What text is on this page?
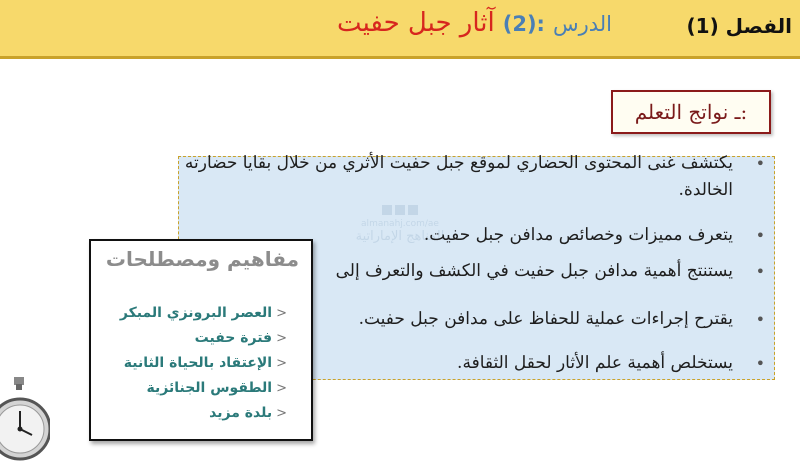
الفصل (1)
الدرس
(2):
آثار جبل حفيت
ـ نواتج التعلم:
almanahj.com/ae
المناهج الإماراتية
•
يكتشف غنى المحتوى الحضاري لموقع جبل حفيت الأثري من خلال بقايا حضارته الخالدة.
•
يتعرف مميزات وخصائص مدافن جبل حفيت.
•
يستنتج أهمية مدافن جبل حفيت في الكشف والتعرف إلى
•
يقترح إجراءات عملية للحفاظ على مدافن جبل حفيت.
•
يستخلص أهمية علم الأثار لحقل الثقافة.
مفاهيم ومصطلحات
<
العصر البرونزي المبكر
<
فترة حفيت
<
الإعتقاد بالحياة الثانية
<
الطقوس الجنائزية
<
بلدة مزيد
